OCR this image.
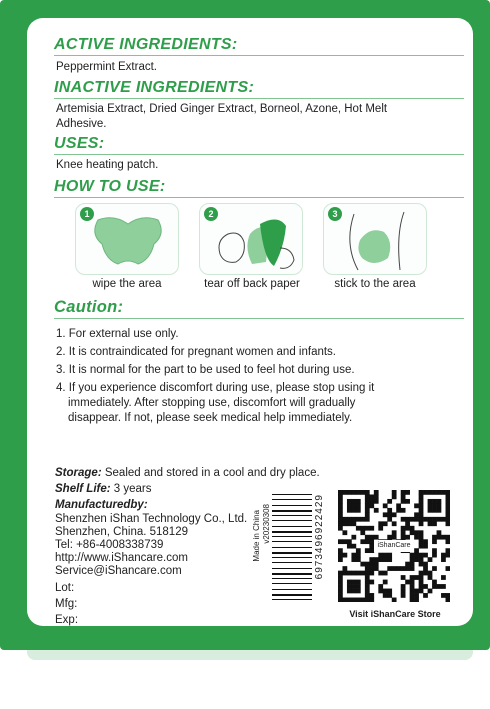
ACTIVE INGREDIENTS:
Peppermint Extract.
INACTIVE INGREDIENTS:
Artemisia Extract, Dried Ginger Extract, Borneol, Azone, Hot Melt
Adhesive.
USES:
Knee heating patch.
HOW TO USE:
1
wipe the area
2
tear off back paper
3
stick to the area
Caution:
1. For external use only.
2. It is contraindicated for pregnant women and infants.
3. It is normal for the part to be used to feel hot during use.
4. If you experience discomfort during use, please stop using it
immediately. After stopping use, discomfort will gradually
disappear. If not, please seek medical help immediately.
Storage: Sealed and stored in a cool and dry place.
Shelf Life: 3 years
Manufacturedby:
Shenzhen iShan Technology Co., Ltd.
Shenzhen, China. 518129
Tel: +86-4008338739
http://www.iShancare.com
Service@iShancare.com
Lot:
Mfg:
Exp:
Made in China v20230308	6973496922429	iShanCare
Visit iShanCare Store
